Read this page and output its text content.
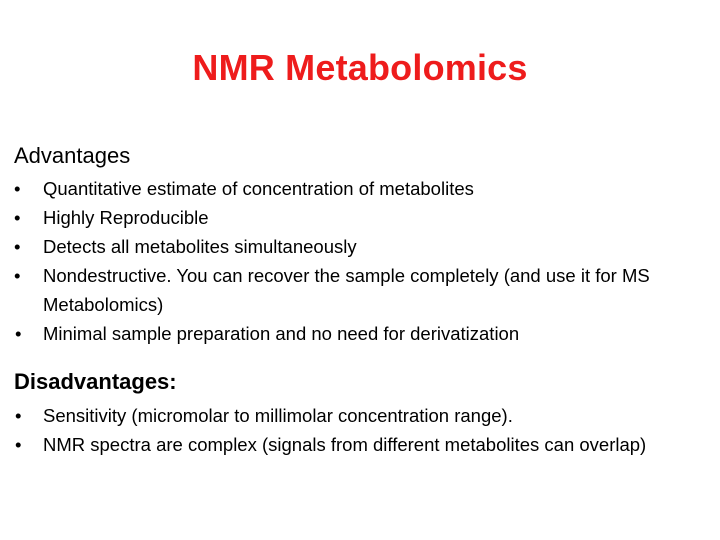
NMR Metabolomics
Advantages
•	Quantitative estimate of concentration of metabolites
•	Highly Reproducible
•	Detects all metabolites simultaneously
•	Nondestructive. You can recover the sample completely (and use it for MS Metabolomics)
•	Minimal sample preparation and no need for derivatization
Disadvantages:
•	Sensitivity (micromolar to millimolar concentration range).
•	NMR spectra are complex (signals from different metabolites can overlap)
